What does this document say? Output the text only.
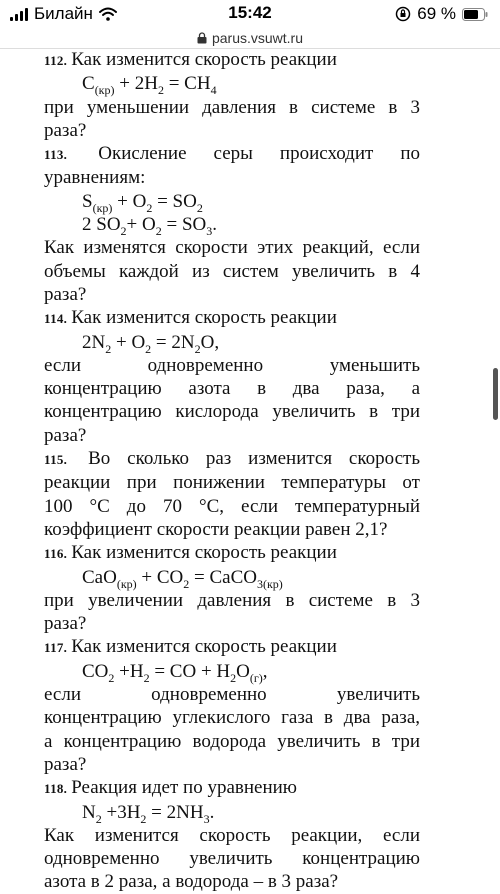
Билайн	15:42	69 %
parus.vsuwt.ru

112. Как изменится скорость реакции

$C_{(кр)} + 2H_2 = CH_4$

при уменьшении давления в системе в 3

раза?

113. Окисление серы происходит по

уравнениям:

$S_{(кр)} + O_2 = SO_2$

2 $SO_2+ O_2 = SO_3$.

Как изменятся скорости этих реакций, если

объемы каждой из систем увеличить в 4

раза?

114. Как изменится скорость реакции

$2N_2 + O_2 = 2N_2O$,

если одновременно уменьшить

концентрацию азота в два раза, а

концентрацию кислорода увеличить в три

раза?

115. Во сколько раз изменится скорость

реакции при понижении температуры от

100 °С до 70 °С, если температурный

коэффициент скорости реакции равен 2,1?

116. Как изменится скорость реакции

$CaO_{(кр)} + CO_2$ = CaCO$_{3(кр)}$

при увеличении давления в системе в 3

раза?

117. Как изменится скорость реакции

$CO_2 +H_2$ = CO + $H_2O_{(г)}$,

если одновременно увеличить

концентрацию углекислого газа в два раза,

а концентрацию водорода увеличить в три

раза?

118. Реакция идет по уравнению

$N_2 +3H_2 = 2NH_3$.

Как изменится скорость реакции, если

одновременно увеличить концентрацию

азота в 2 раза, а водорода – в 3 раза?
